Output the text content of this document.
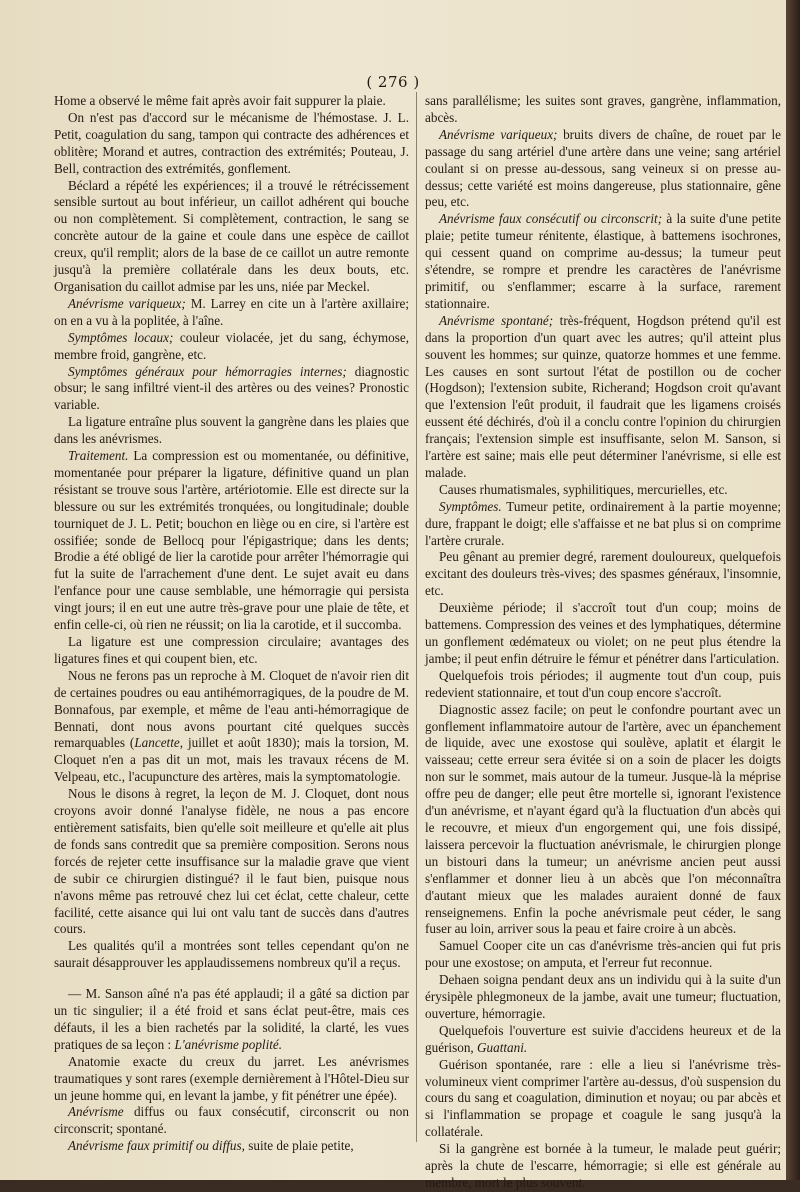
( 276 )

Home a observé le même fait après avoir fait suppurer la plaie.

On n'est pas d'accord sur le mécanisme de l'hémostase. J. L. Petit, coagulation du sang, tampon qui contracte des adhérences et oblitère; Morand et autres, contraction des extrémités; Pouteau, J. Bell, contraction des extrémités, gonflement.

Béclard a répété les expériences; il a trouvé le rétrécissement sensible surtout au bout inférieur, un caillot adhérent qui bouche ou non complètement. Si complètement, contraction, le sang se concrète autour de la gaine et coule dans une espèce de caillot creux, qu'il remplit; alors de la base de ce caillot un autre remonte jusqu'à la première collatérale dans les deux bouts, etc. Organisation du caillot admise par les uns, niée par Meckel.

Anévrisme variqueux; M. Larrey en cite un à l'artère axillaire; on en a vu à la poplitée, à l'aîne.

Symptômes locaux; couleur violacée, jet du sang, échymose, membre froid, gangrène, etc.

Symptômes généraux pour hémorragies internes; diagnostic obsur; le sang infiltré vient-il des artères ou des veines? Pronostic variable.

La ligature entraîne plus souvent la gangrène dans les plaies que dans les anévrismes.

Traitement. La compression est ou momentanée, ou définitive, momentanée pour préparer la ligature, définitive quand un plan résistant se trouve sous l'artère, artériotomie. Elle est directe sur la blessure ou sur les extrémités tronquées, ou longitudinale; double tourniquet de J. L. Petit; bouchon en liège ou en cire, si l'artère est ossifiée; sonde de Bellocq pour l'épigastrique; dans les dents; Brodie a été obligé de lier la carotide pour arrêter l'hémorragie qui fut la suite de l'arrachement d'une dent. Le sujet avait eu dans l'enfance pour une cause semblable, une hémorragie qui persista vingt jours; il en eut une autre très-grave pour une plaie de tête, et enfin celle-ci, où rien ne réussit; on lia la carotide, et il succomba.

La ligature est une compression circulaire; avantages des ligatures fines et qui coupent bien, etc.

Nous ne ferons pas un reproche à M. Cloquet de n'avoir rien dit de certaines poudres ou eau antihémorragiques, de la poudre de M. Bonnafous, par exemple, et même de l'eau anti-hémorragique de Bennati, dont nous avons pourtant cité quelques succès remarquables (Lancette, juillet et août 1830); mais la torsion, M. Cloquet n'en a pas dit un mot, mais les travaux récens de M. Velpeau, etc., l'acupuncture des artères, mais la symptomatologie.

Nous le disons à regret, la leçon de M. J. Cloquet, dont nous croyons avoir donné l'analyse fidèle, ne nous a pas encore entièrement satisfaits, bien qu'elle soit meilleure et qu'elle ait plus de fonds sans contredit que sa première composition. Serons nous forcés de rejeter cette insuffisance sur la maladie grave que vient de subir ce chirurgien distingué? il le faut bien, puisque nous n'avons même pas retrouvé chez lui cet éclat, cette chaleur, cette facilité, cette aisance qui lui ont valu tant de succès dans d'autres cours.

Les qualités qu'il a montrées sont telles cependant qu'on ne saurait désapprouver les applaudissemens nombreux qu'il a reçus.

— M. Sanson aîné n'a pas été applaudi; il a gâté sa diction par un tic singulier; il a été froid et sans éclat peut-être, mais ces défauts, il les a bien rachetés par la solidité, la clarté, les vues pratiques de sa leçon : L'anévrisme poplité.

Anatomie exacte du creux du jarret. Les anévrismes traumatiques y sont rares (exemple dernièrement à l'Hôtel-Dieu sur un jeune homme qui, en levant la jambe, y fit pénétrer une épée).

Anévrisme diffus ou faux consécutif, circonscrit ou non circonscrit; spontané.

Anévrisme faux primitif ou diffus, suite de plaie petite,

sans parallélisme; les suites sont graves, gangrène, inflammation, abcès.

Anévrisme variqueux; bruits divers de chaîne, de rouet par le passage du sang artériel d'une artère dans une veine; sang artériel coulant si on presse au-dessous, sang veineux si on presse au-dessus; cette variété est moins dangereuse, plus stationnaire, gêne peu, etc.

Anévrisme faux consécutif ou circonscrit; à la suite d'une petite plaie; petite tumeur rénitente, élastique, à battemens isochrones, qui cessent quand on comprime au-dessus; la tumeur peut s'étendre, se rompre et prendre les caractères de l'anévrisme primitif, ou s'enflammer; escarre à la surface, rarement stationnaire.

Anévrisme spontané; très-fréquent, Hogdson prétend qu'il est dans la proportion d'un quart avec les autres; qu'il atteint plus souvent les hommes; sur quinze, quatorze hommes et une femme. Les causes en sont surtout l'état de postillon ou de cocher (Hogdson); l'extension subite, Richerand; Hogdson croit qu'avant que l'extension l'eût produit, il faudrait que les ligamens croisés eussent été déchirés, d'où il a conclu contre l'opinion du chirurgien français; l'extension simple est insuffisante, selon M. Sanson, si l'artère est saine; mais elle peut déterminer l'anévrisme, si elle est malade.

Causes rhumatismales, syphilitiques, mercurielles, etc.

Symptômes. Tumeur petite, ordinairement à la partie moyenne; dure, frappant le doigt; elle s'affaisse et ne bat plus si on comprime l'artère crurale.

Peu gênant au premier degré, rarement douloureux, quelquefois excitant des douleurs très-vives; des spasmes généraux, l'insomnie, etc.

Deuxième période; il s'accroît tout d'un coup; moins de battemens. Compression des veines et des lymphatiques, détermine un gonflement œdémateux ou violet; on ne peut plus étendre la jambe; il peut enfin détruire le fémur et pénétrer dans l'articulation.

Quelquefois trois périodes; il augmente tout d'un coup, puis redevient stationnaire, et tout d'un coup encore s'accroît.

Diagnostic assez facile; on peut le confondre pourtant avec un gonflement inflammatoire autour de l'artère, avec un épanchement de liquide, avec une exostose qui soulève, aplatit et élargit le vaisseau; cette erreur sera évitée si on a soin de placer les doigts non sur le sommet, mais autour de la tumeur. Jusque-là la méprise offre peu de danger; elle peut être mortelle si, ignorant l'existence d'un anévrisme, et n'ayant égard qu'à la fluctuation d'un abcès qui le recouvre, et mieux d'un engorgement qui, une fois dissipé, laissera percevoir la fluctuation anévrismale, le chirurgien plonge un bistouri dans la tumeur; un anévrisme ancien peut aussi s'enflammer et donner lieu à un abcès que l'on méconnaîtra d'autant mieux que les malades auraient donné de faux renseignemens. Enfin la poche anévrismale peut céder, le sang fuser au loin, arriver sous la peau et faire croire à un abcès.

Samuel Cooper cite un cas d'anévrisme très-ancien qui fut pris pour une exostose; on amputa, et l'erreur fut reconnue.

Dehaen soigna pendant deux ans un individu qui à la suite d'un érysipèle phlegmoneux de la jambe, avait une tumeur; fluctuation, ouverture, hémorragie.

Quelquefois l'ouverture est suivie d'accidens heureux et de la guérison, Guattani.

Guérison spontanée, rare : elle a lieu si l'anévrisme très-volumineux vient comprimer l'artère au-dessus, d'où suspension du cours du sang et coagulation, diminution et noyau; ou par abcès et si l'inflammation se propage et coagule le sang jusqu'à la collatérale.

Si la gangrène est bornée à la tumeur, le malade peut guérir; après la chute de l'escarre, hémorragie; si elle est générale au membre, mort le plus souvent.
